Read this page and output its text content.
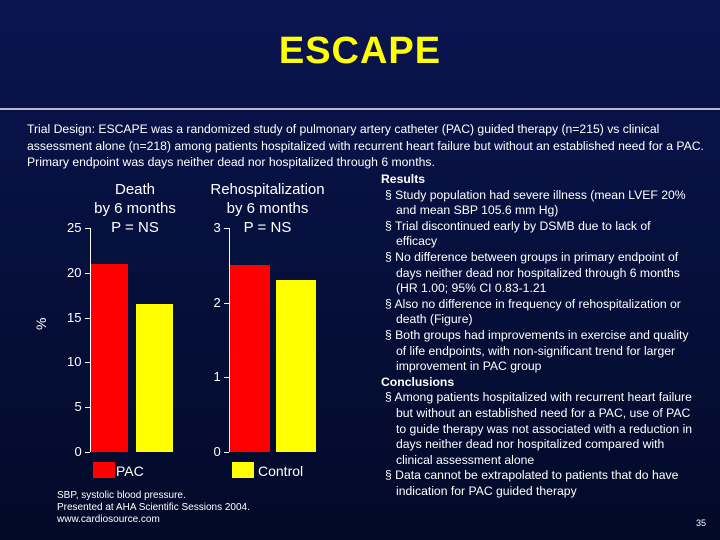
ESCAPE
Trial Design: ESCAPE was a randomized study of pulmonary artery catheter (PAC) guided therapy (n=215) vs clinical assessment alone (n=218) among patients hospitalized with recurrent heart failure but without an established need for a PAC. Primary endpoint was days neither dead nor hospitalized through 6 months.
Death
by 6 months
P = NS
%
0
5
10
15
20
25
Rehospitalization
by 6 months
P = NS
0
1
2
3
PAC	Control
SBP, systolic blood pressure.
Presented at AHA Scientific Sessions 2004.
www.cardiosource.com
Results
§ Study population had severe illness (mean LVEF 20% and mean SBP 105.6 mm Hg)
§ Trial discontinued early by DSMB due to lack of efficacy
§ No difference between groups in primary endpoint of days neither dead nor hospitalized through 6 months (HR 1.00; 95% CI 0.83-1.21
§ Also no difference in frequency of rehospitalization or death (Figure)
§ Both groups had improvements in exercise and quality of life endpoints, with non-significant trend for larger improvement in PAC group
Conclusions
§ Among patients hospitalized with recurrent heart failure but without an established need for a PAC, use of PAC to guide therapy was not associated with a reduction in days neither dead nor hospitalized compared with clinical assessment alone
§ Data cannot be extrapolated to patients that do have indication for PAC guided therapy
35
